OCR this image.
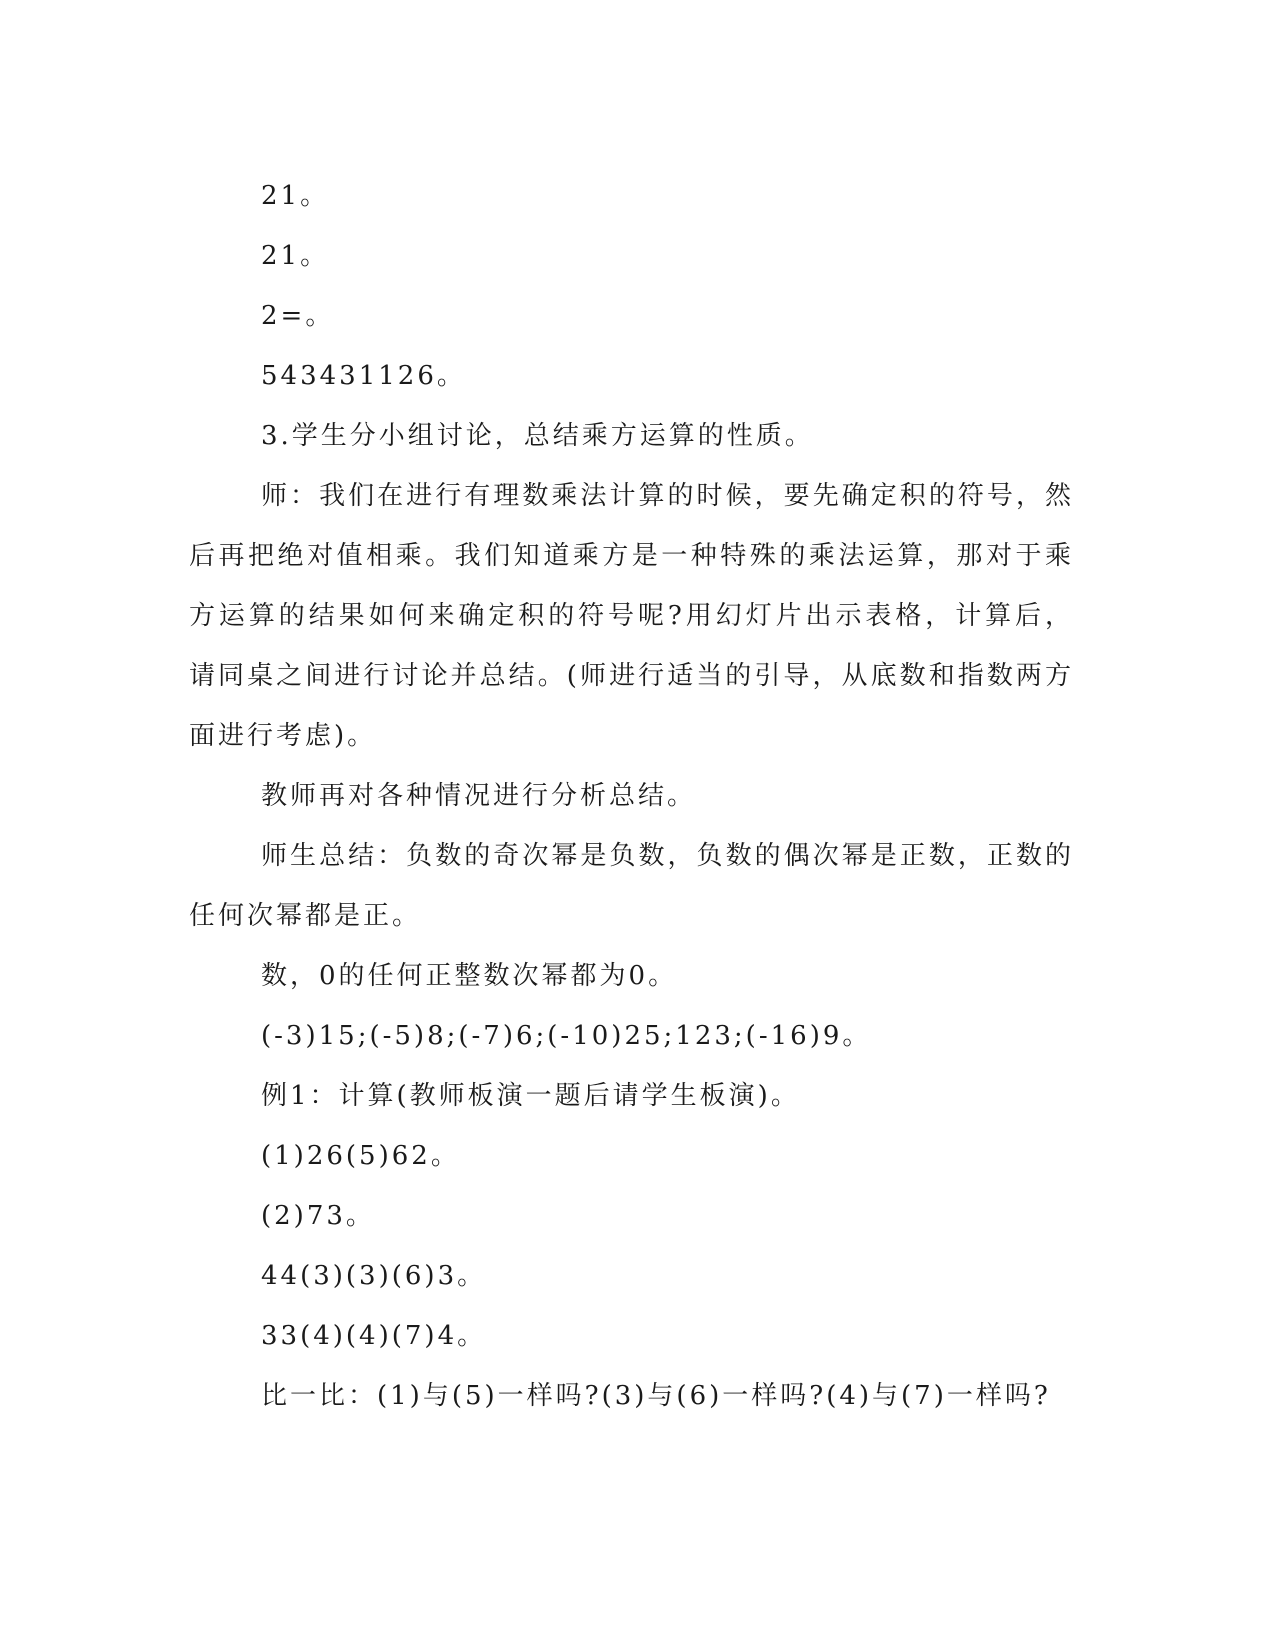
21。

21。

2=。

543431126。

3.学生分小组讨论，总结乘方运算的性质。

师：我们在进行有理数乘法计算的时候，要先确定积的符号，然后再把绝对值相乘。我们知道乘方是一种特殊的乘法运算，那对于乘方运算的结果如何来确定积的符号呢?用幻灯片出示表格，计算后，请同桌之间进行讨论并总结。(师进行适当的引导，从底数和指数两方面进行考虑)。

教师再对各种情况进行分析总结。

师生总结：负数的奇次幂是负数，负数的偶次幂是正数，正数的任何次幂都是正。

数，0的任何正整数次幂都为0。

(-3)15;(-5)8;(-7)6;(-10)25;123;(-16)9。

例1：计算(教师板演一题后请学生板演)。

(1)26(5)62。

(2)73。

44(3)(3)(6)3。

33(4)(4)(7)4。

比一比：(1)与(5)一样吗?(3)与(6)一样吗?(4)与(7)一样吗?
